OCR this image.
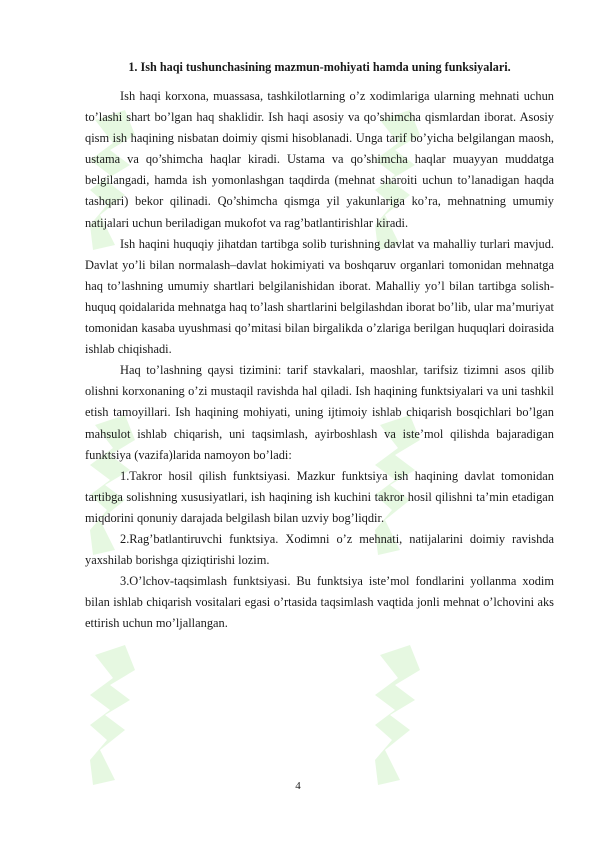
1. Ish haqi tushunchasining mazmun-mohiyati hamda uning funksiyalari.

Ish haqi korxona, muassasa, tashkilotlarning o’z xodimlariga ularning mehnati uchun to’lashi shart bo’lgan haq shaklidir. Ish haqi asosiy va qo’shimcha qismlardan iborat. Asosiy qism ish haqining nisbatan doimiy qismi hisoblanadi. Unga tarif bo’yicha belgilangan maosh, ustama va qo’shimcha haqlar kiradi. Ustama va qo’shimcha haqlar muayyan muddatga belgilangadi, hamda ish yomonlashgan taqdirda (mehnat sharoiti uchun to’lanadigan haqda tashqari) bekor qilinadi. Qo’shimcha qismga yil yakunlariga ko’ra, mehnatning umumiy natijalari uchun beriladigan mukofot va rag’batlantirishlar kiradi.

Ish haqini huquqiy jihatdan tartibga solib turishning davlat va mahalliy turlari mavjud. Davlat yo’li bilan normalash–davlat hokimiyati va boshqaruv organlari tomonidan mehnatga haq to’lashning umumiy shartlari belgilanishidan iborat. Mahalliy yo’l bilan tartibga solish-huquq qoidalarida mehnatga haq to’lash shartlarini belgilashdan iborat bo’lib, ular ma’muriyat tomonidan kasaba uyushmasi qo’mitasi bilan birgalikda o’zlariga berilgan huquqlari doirasida ishlab chiqishadi.

Haq to’lashning qaysi tizimini: tarif stavkalari, maoshlar, tarifsiz tizimni asos qilib olishni korxonaning o’zi mustaqil ravishda hal qiladi. Ish haqining funktsiyalari va uni tashkil etish tamoyillari. Ish haqining mohiyati, uning ijtimoiy ishlab chiqarish bosqichlari bo’lgan mahsulot ishlab chiqarish, uni taqsimlash, ayirboshlash va iste’mol qilishda bajaradigan funktsiya (vazifa)larida namoyon bo’ladi:

1.Takror hosil qilish funktsiyasi. Mazkur funktsiya ish haqining davlat tomonidan tartibga solishning xususiyatlari, ish haqining ish kuchini takror hosil qilishni ta’min etadigan miqdorini qonuniy darajada belgilash bilan uzviy bog’liqdir.

2.Rag’batlantiruvchi funktsiya. Xodimni o’z mehnati, natijalarini doimiy ravishda yaxshilab borishga qiziqtirishi lozim.

3.O’lchov-taqsimlash funktsiyasi. Bu funktsiya iste’mol fondlarini yollanma xodim bilan ishlab chiqarish vositalari egasi o’rtasida taqsimlash vaqtida jonli mehnat o’lchovini aks ettirish uchun mo’ljallangan.

4
